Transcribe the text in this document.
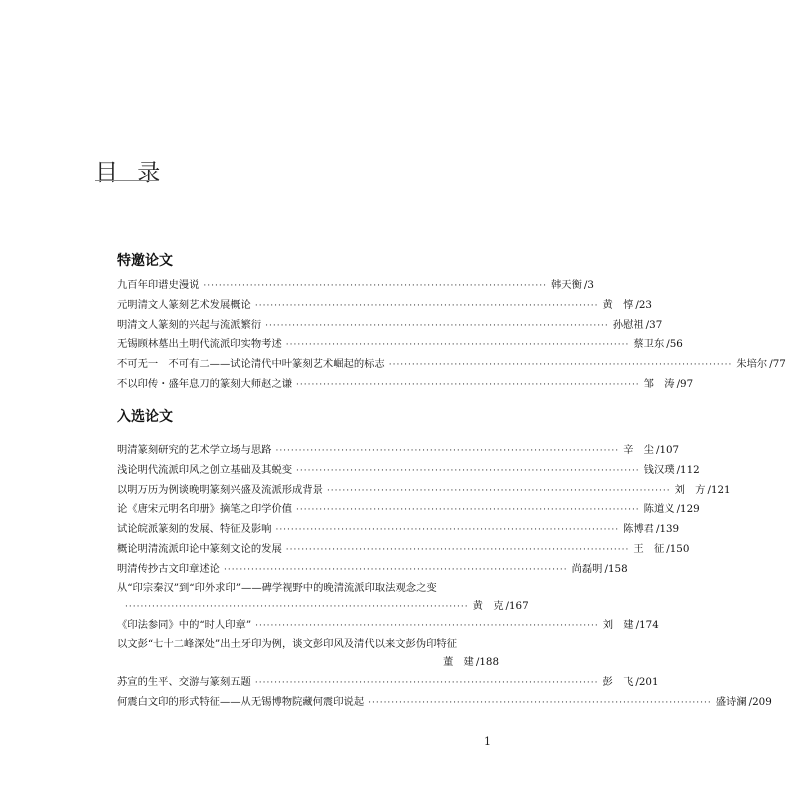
目 录
特邀论文
九百年印谱史漫说 ························································································· 韩天衡 / 3
元明清文人篆刻艺术发展概论 ························································································· 黄　惇 / 23
明清文人篆刻的兴起与流派繁衍 ························································································· 孙慰祖 / 37
无锡顾林墓出土明代流派印实物考述 ························································································· 蔡卫东 / 56
不可无一　不可有二——试论清代中叶篆刻艺术崛起的标志 ························································································· 朱培尔 / 77
不以印传・盛年息刀的篆刻大师赵之谦 ························································································· 邹　涛 / 97
入选论文
明清篆刻研究的艺术学立场与思路 ························································································· 辛　尘 / 107
浅论明代流派印风之创立基础及其蜕变 ························································································· 钱汉璞 / 112
以明万历为例谈晚明篆刻兴盛及流派形成背景 ························································································· 刘　方 / 121
论《唐宋元明名印册》摘笔之印学价值 ························································································· 陈道义 / 129
试论皖派篆刻的发展、特征及影响 ························································································· 陈博君 / 139
概论明清流派印论中篆刻文论的发展 ························································································· 王　征 / 150
明清传抄古文印章述论 ························································································· 尚磊明 / 158
从“印宗秦汉”到“印外求印”——碑学视野中的晚清流派印取法观念之变
························································································· 黄　克 / 167
《印法参同》中的“时人印章” ························································································· 刘　建 / 174
以文彭“七十二峰深处”出土牙印为例，谈文彭印风及清代以来文彭伪印特征
董　建 / 188
苏宣的生平、交游与篆刻五题 ························································································· 彭　飞 / 201
何震白文印的形式特征——从无锡博物院藏何震印说起 ························································································· 盛诗澜 / 209
1
